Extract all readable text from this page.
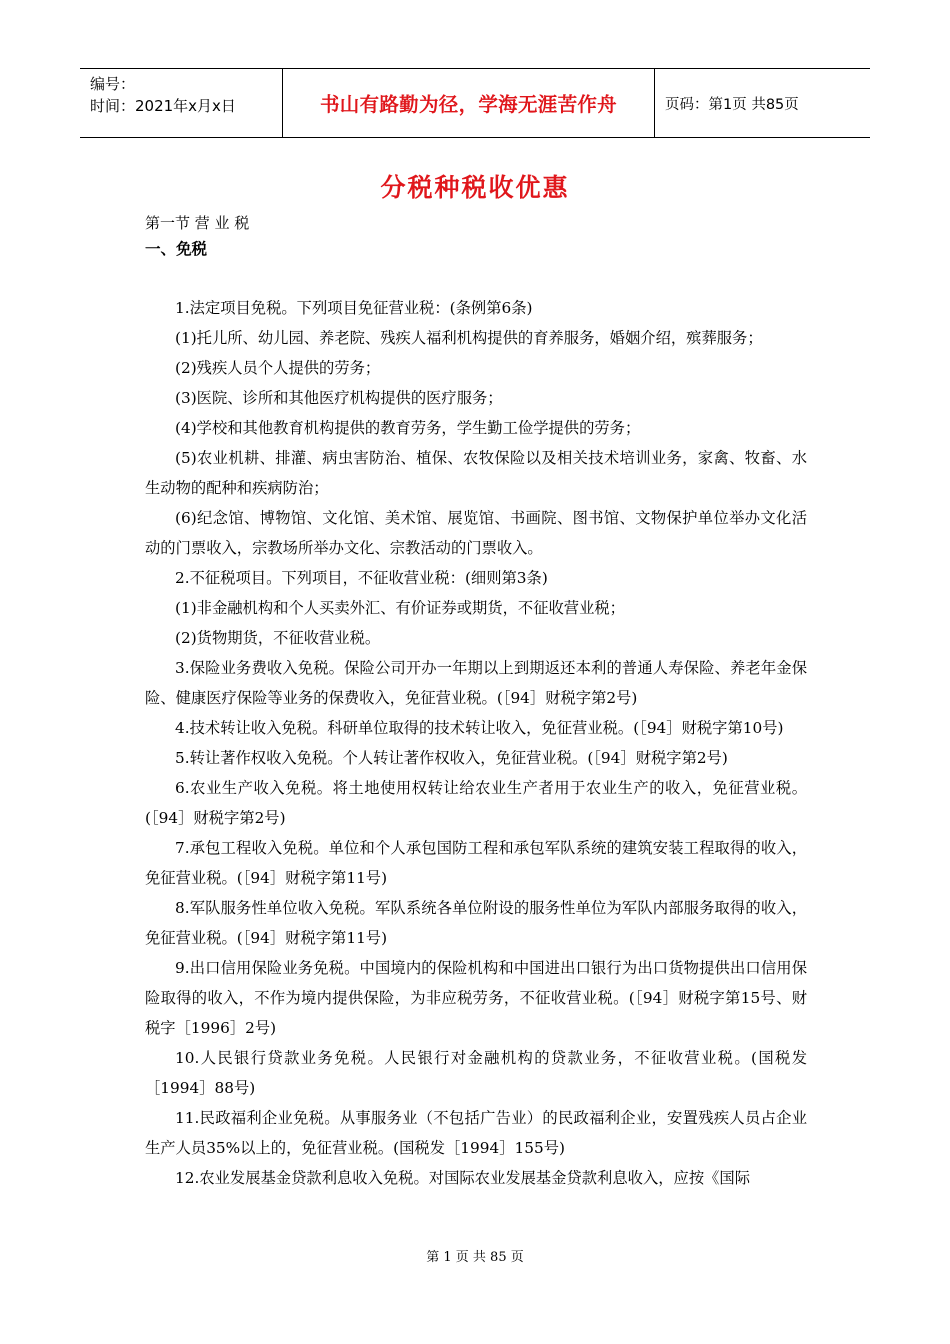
编号：
时间：2021年x月x日	书山有路勤为径，学海无涯苦作舟	页码：第1页 共85页
分税种税收优惠
第一节 营 业 税
一、免税

1.法定项目免税。下列项目免征营业税：(条例第6条)

(1)托儿所、幼儿园、养老院、残疾人福利机构提供的育养服务，婚姻介绍，殡葬服务；

(2)残疾人员个人提供的劳务；

(3)医院、诊所和其他医疗机构提供的医疗服务；

(4)学校和其他教育机构提供的教育劳务，学生勤工俭学提供的劳务；

(5)农业机耕、排灌、病虫害防治、植保、农牧保险以及相关技术培训业务，家禽、牧畜、水生动物的配种和疾病防治；

(6)纪念馆、博物馆、文化馆、美术馆、展览馆、书画院、图书馆、文物保护单位举办文化活动的门票收入，宗教场所举办文化、宗教活动的门票收入。

2.不征税项目。下列项目，不征收营业税：(细则第3条)

(1)非金融机构和个人买卖外汇、有价证券或期货，不征收营业税；

(2)货物期货，不征收营业税。

3.保险业务费收入免税。保险公司开办一年期以上到期返还本利的普通人寿保险、养老年金保险、健康医疗保险等业务的保费收入，免征营业税。(［94］财税字第2号)

4.技术转让收入免税。科研单位取得的技术转让收入，免征营业税。(［94］财税字第10号)

5.转让著作权收入免税。个人转让著作权收入，免征营业税。(［94］财税字第2号)

6.农业生产收入免税。将土地使用权转让给农业生产者用于农业生产的收入，免征营业税。(［94］财税字第2号)

7.承包工程收入免税。单位和个人承包国防工程和承包军队系统的建筑安装工程取得的收入，免征营业税。(［94］财税字第11号)

8.军队服务性单位收入免税。军队系统各单位附设的服务性单位为军队内部服务取得的收入，免征营业税。(［94］财税字第11号)

9.出口信用保险业务免税。中国境内的保险机构和中国进出口银行为出口货物提供出口信用保险取得的收入，不作为境内提供保险，为非应税劳务，不征收营业税。(［94］财税字第15号、财税字［1996］2号)

10.人民银行贷款业务免税。人民银行对金融机构的贷款业务，不征收营业税。(国税发［1994］88号)

11.民政福利企业免税。从事服务业（不包括广告业）的民政福利企业，安置残疾人员占企业生产人员35%以上的，免征营业税。(国税发［1994］155号)

12.农业发展基金贷款利息收入免税。对国际农业发展基金贷款利息收入，应按《国际

第 1 页 共 85 页
